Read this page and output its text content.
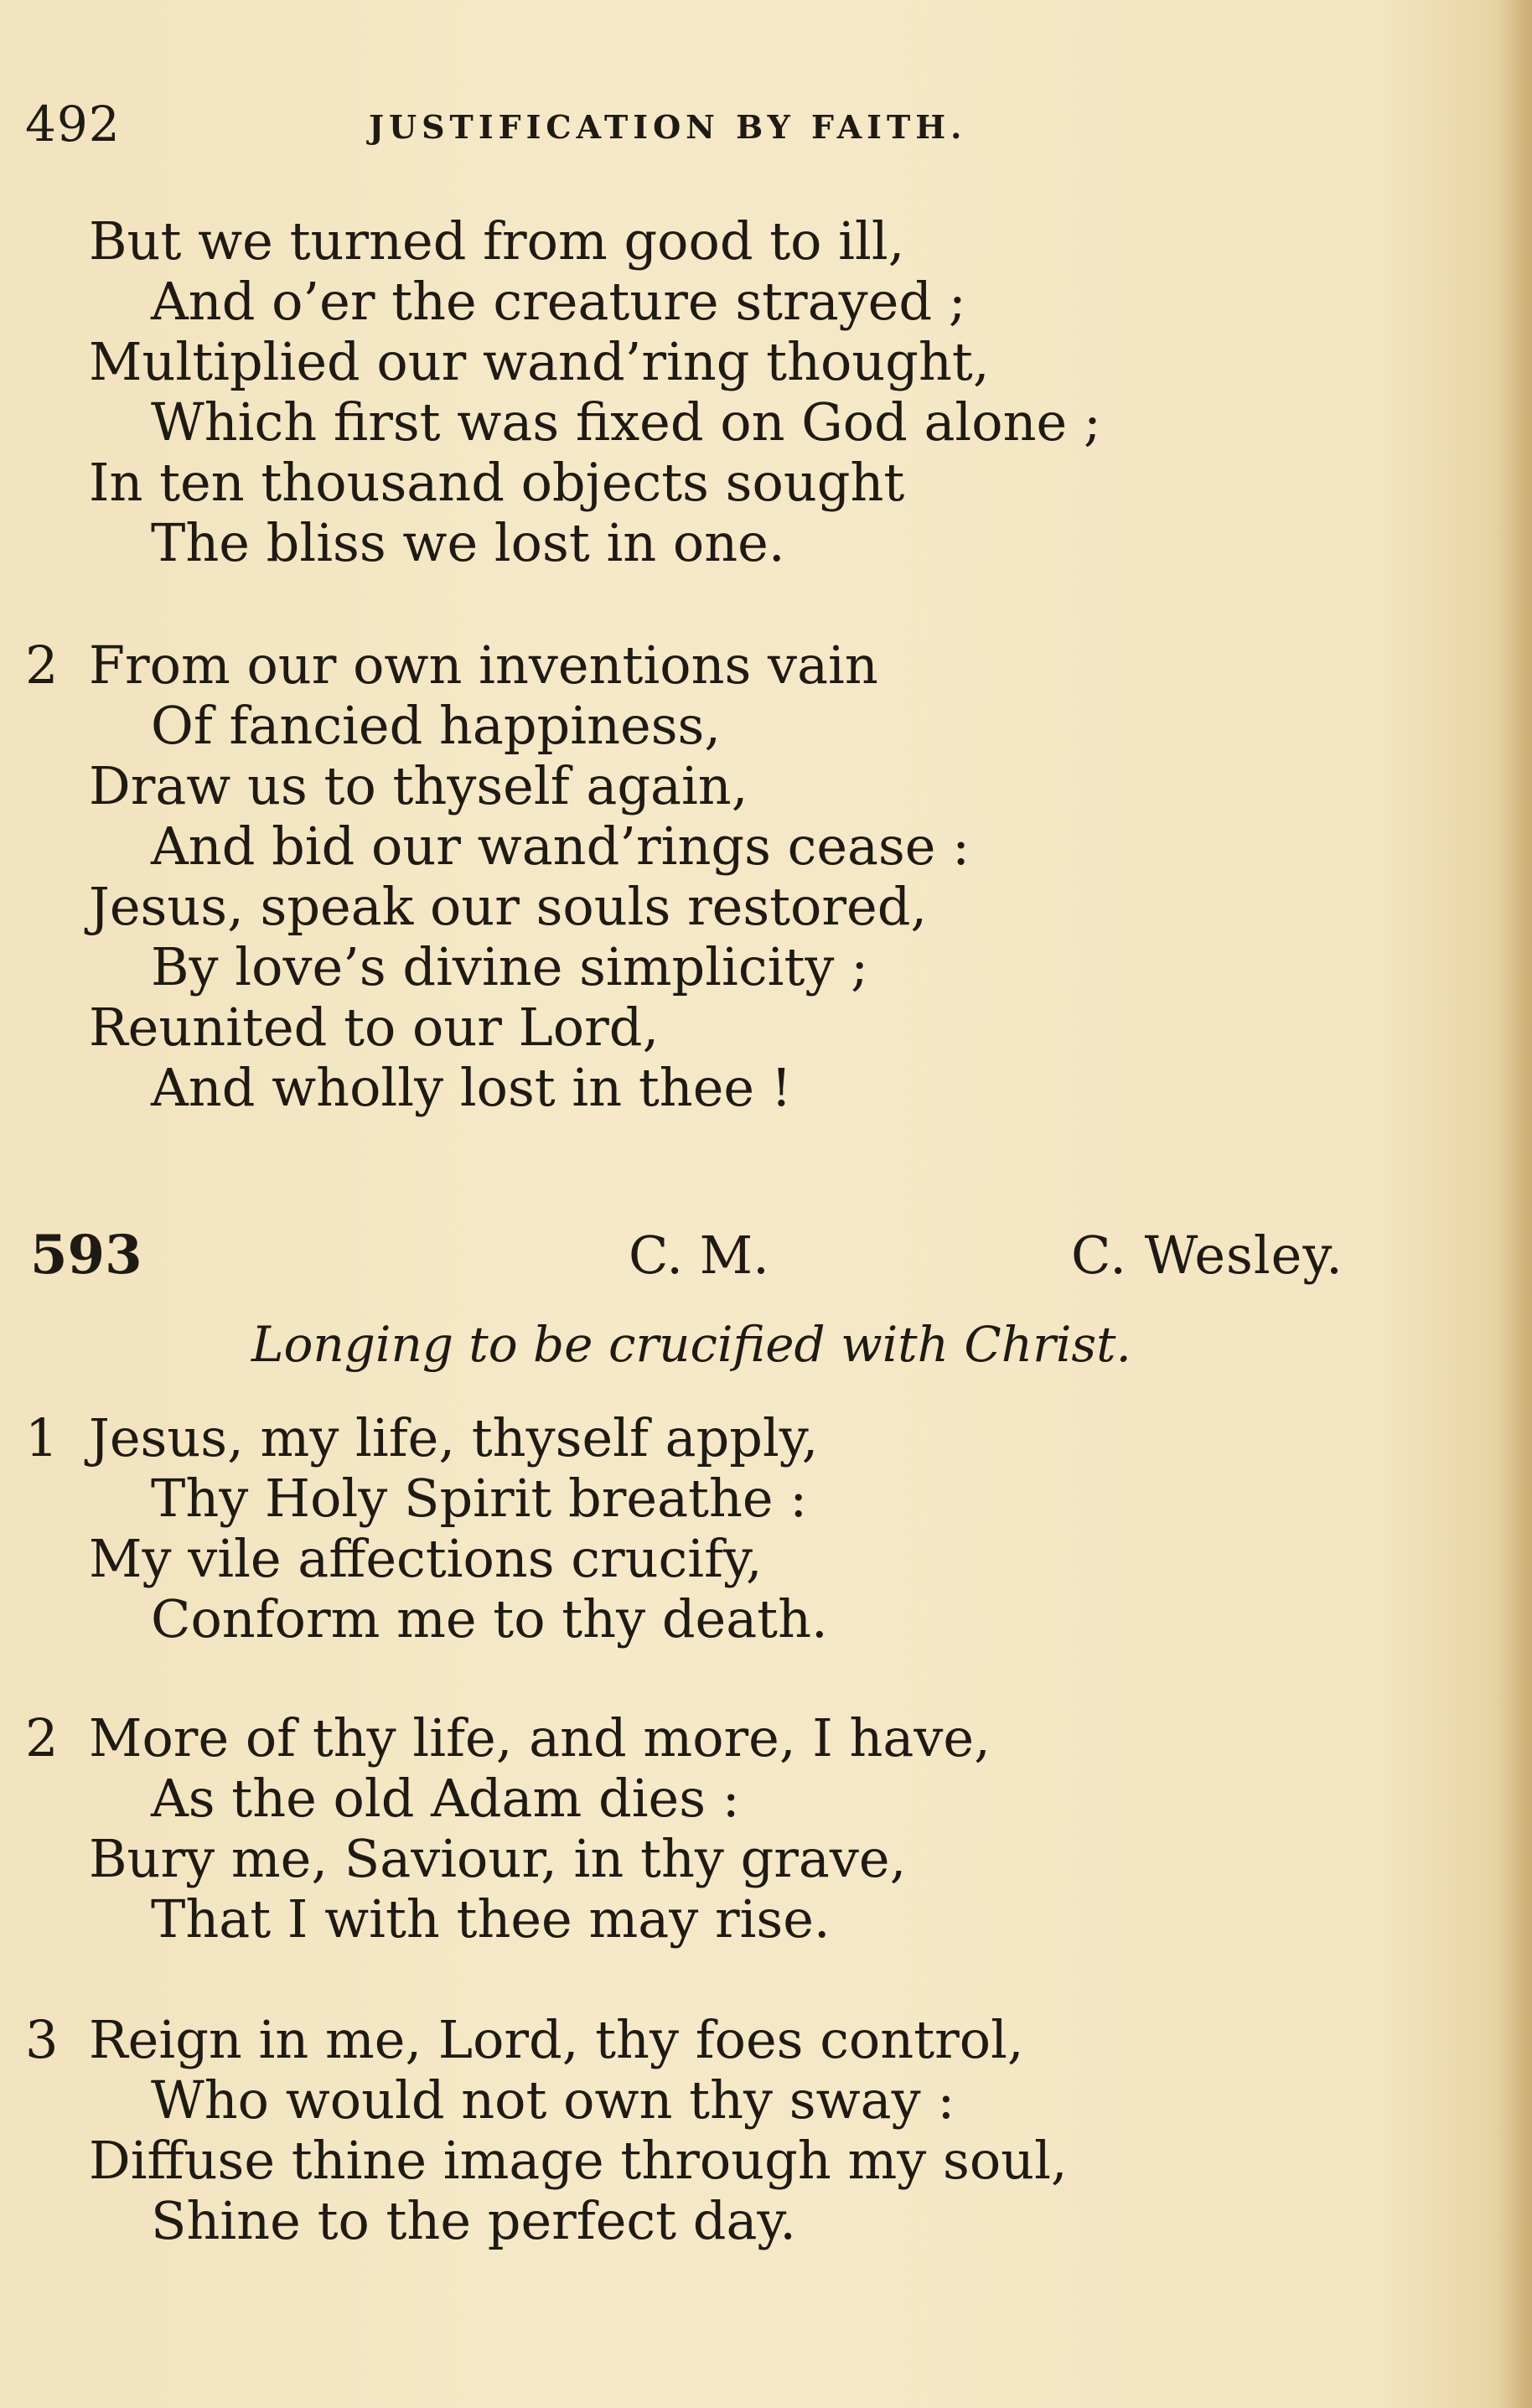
492	JUSTIFICATION BY FAITH.
But we turned from good to ill,
And o’er the creature strayed ;
Multiplied our wand’ring thought,
Which first was fixed on God alone ;
In ten thousand objects sought
The bliss we lost in one.
2 From our own inventions vain
Of fancied happiness,
Draw us to thyself again,
And bid our wand’rings cease :
Jesus, speak our souls restored,
By love’s divine simplicity ;
Reunited to our Lord,
And wholly lost in thee !
593	C. M.	C. Wesley.
Longing to be crucified with Christ.
1 Jesus, my life, thyself apply,
Thy Holy Spirit breathe :
My vile affections crucify,
Conform me to thy death.
2 More of thy life, and more, I have,
As the old Adam dies :
Bury me, Saviour, in thy grave,
That I with thee may rise.
3 Reign in me, Lord, thy foes control,
Who would not own thy sway :
Diffuse thine image through my soul,
Shine to the perfect day.
